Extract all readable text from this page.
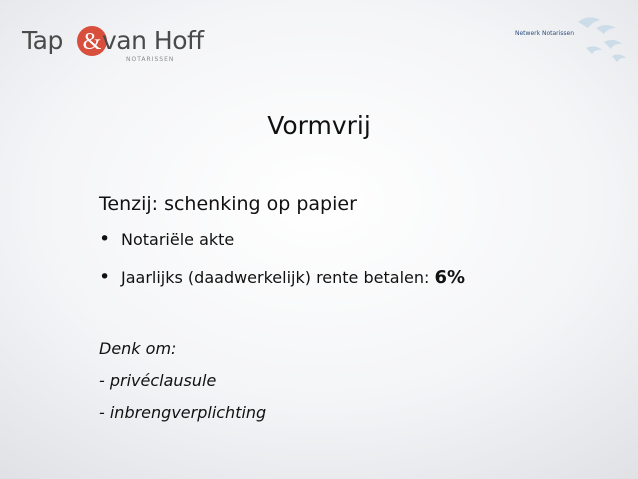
Tap & van Hoff
NOTARISSEN
Netwerk Notarissen
Vormvrij
Tenzij: schenking op papier
• Notariële akte
• Jaarlijks (daadwerkelijk) rente betalen: 6%
Denk om:
- privéclausule
- inbrengverplichting
